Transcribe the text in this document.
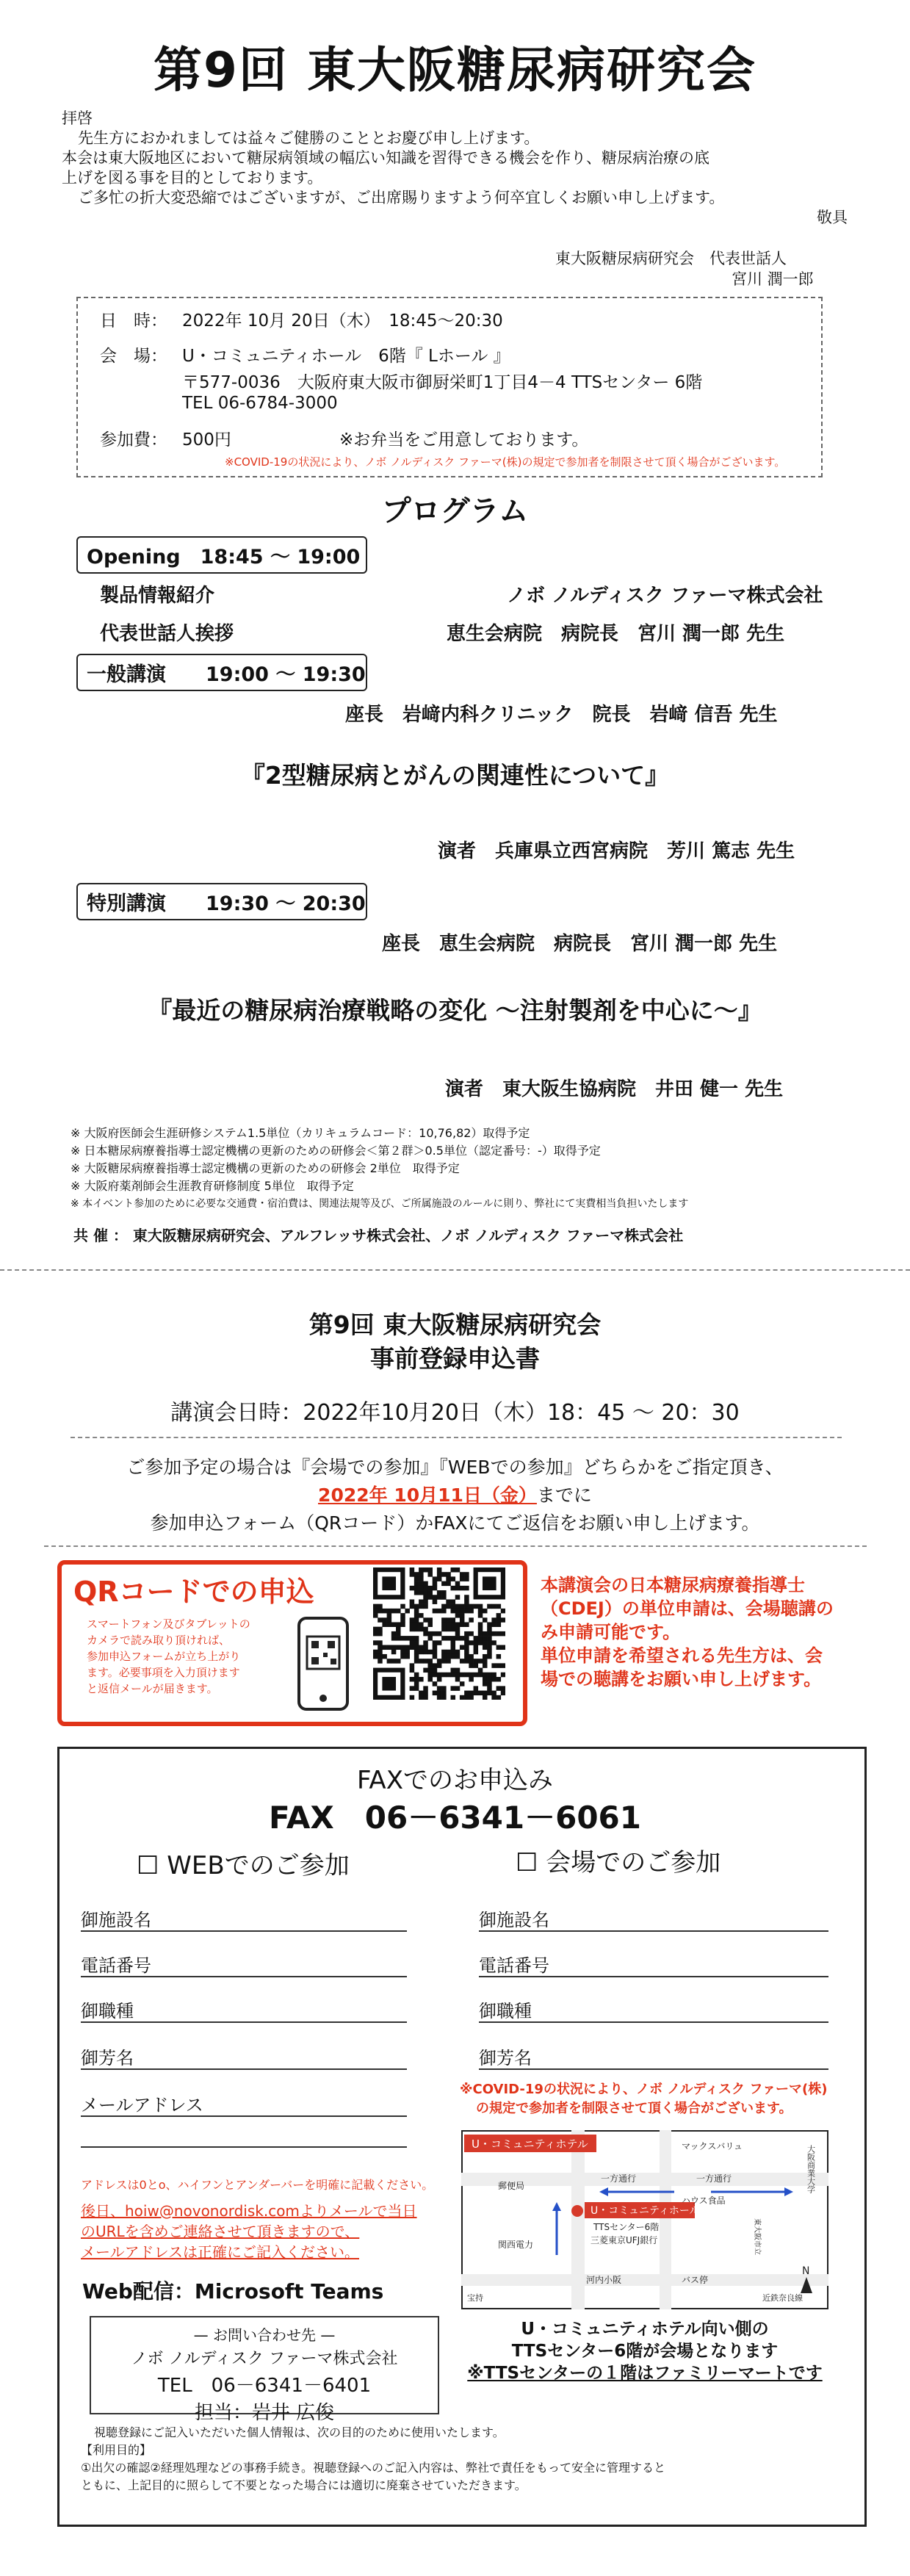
第9回 東大阪糖尿病研究会
拝啓
先生方におかれましては益々ご健勝のこととお慶び申し上げます。
本会は東大阪地区において糖尿病領域の幅広い知識を習得できる機会を作り、糖尿病治療の底
上げを図る事を目的としております。
ご多忙の折大変恐縮ではございますが、ご出席賜りますよう何卒宜しくお願い申し上げます。
敬具
東大阪糖尿病研究会　代表世話人
宮川 潤一郎
日　時： 2022年 10月 20日（木）　18:45〜20:30
会　場： U・コミュニティホール　6階『 Lホール 』
〒577-0036　大阪府東大阪市御厨栄町1丁目4－4 TTSセンター 6階
TEL 06-6784-3000
参加費： 500円	※お弁当をご用意しております。
※COVID-19の状況により、ノボ ノルディスク ファーマ(株)の規定で参加者を制限させて頂く場合がございます。
プログラム
Opening　18:45 ～ 19:00
製品情報紹介	ノボ ノルディスク ファーマ株式会社
代表世話人挨拶	恵生会病院　病院長　宮川 潤一郎 先生
一般講演　　19:00 ～ 19:30
座長　岩﨑内科クリニック　院長　岩﨑 信吾 先生
『2型糖尿病とがんの関連性について』
演者　兵庫県立西宮病院　芳川 篤志 先生
特別講演　　19:30 ～ 20:30
座長　恵生会病院　病院長　宮川 潤一郎 先生
『最近の糖尿病治療戦略の変化 ～注射製剤を中心に～』
演者　東大阪生協病院　井田 健一 先生
※ 大阪府医師会生涯研修システム1.5単位（カリキュラムコード：10,76,82）取得予定
※ 日本糖尿病療養指導士認定機構の更新のための研修会＜第２群＞0.5単位（認定番号：-）取得予定
※ 大阪糖尿病療養指導士認定機構の更新のための研修会 2単位　取得予定
※ 大阪府薬剤師会生涯教育研修制度 5単位　取得予定
※ 本イベント参加のために必要な交通費・宿泊費は、関連法規等及び、ご所属施設のルールに則り、弊社にて実費相当負担いたします
共 催 ： 東大阪糖尿病研究会、アルフレッサ株式会社、ノボ ノルディスク ファーマ株式会社
第9回 東大阪糖尿病研究会
事前登録申込書
講演会日時：2022年10月20日（木）18：45 ～ 20：30
ご参加予定の場合は『会場での参加』『WEBでの参加』どちらかをご指定頂き、
2022年 10月11日（金）までに
参加申込フォーム（QRコード）かFAXにてご返信をお願い申し上げます。
QRコードでの申込
スマートフォン及びタブレットの
カメラで読み取り頂ければ、
参加申込フォームが立ち上がり
ます。必要事項を入力頂けます
と返信メールが届きます。
本講演会の日本糖尿病療養指導士
（CDEJ）の単位申請は、会場聴講の
み申請可能です。
単位申請を希望される先生方は、会
場での聴講をお願い申し上げます。
FAXでのお申込み
FAX　06－6341－6061
☐ WEBでのご参加	☐ 会場でのご参加
御施設名
電話番号
御職種
御芳名
メールアドレス
アドレスは0とo、ハイフンとアンダーバーを明確に記載ください。
後日、hoiw@novonordisk.comよりメールで当日
のURLを含めご連絡させて頂きますので、
メールアドレスは正確にご記入ください。
Web配信：Microsoft Teams
— お問い合わせ先 —
ノボ ノルディスク ファーマ株式会社
TEL　06－6341－6401
担当：岩井 広俊
御施設名
電話番号
御職種
御芳名
※COVID-19の状況により、ノボ ノルディスク ファーマ(株)
の規定で参加者を制限させて頂く場合がございます。
U・コミュニティホテル
U・コミュニティホール
TTSセンター6階
三菱東京UFJ銀行
マックスバリュ
ハウス食品
一方通行	一方通行
郵便局
関西電力
河内小阪	バス停
近鉄奈良線
宝持
大阪商業大学
東大阪市立
N
U・コミュニティホテル向い側の
TTSセンター6階が会場となります
※TTSセンターの１階はファミリーマートです
視聴登録にご記入いただいた個人情報は、次の目的のために使用いたします。
【利用目的】
①出欠の確認②経理処理などの事務手続き。視聴登録へのご記入内容は、弊社で責任をもって安全に管理すると
ともに、上記目的に照らして不要となった場合には適切に廃棄させていただきます。
